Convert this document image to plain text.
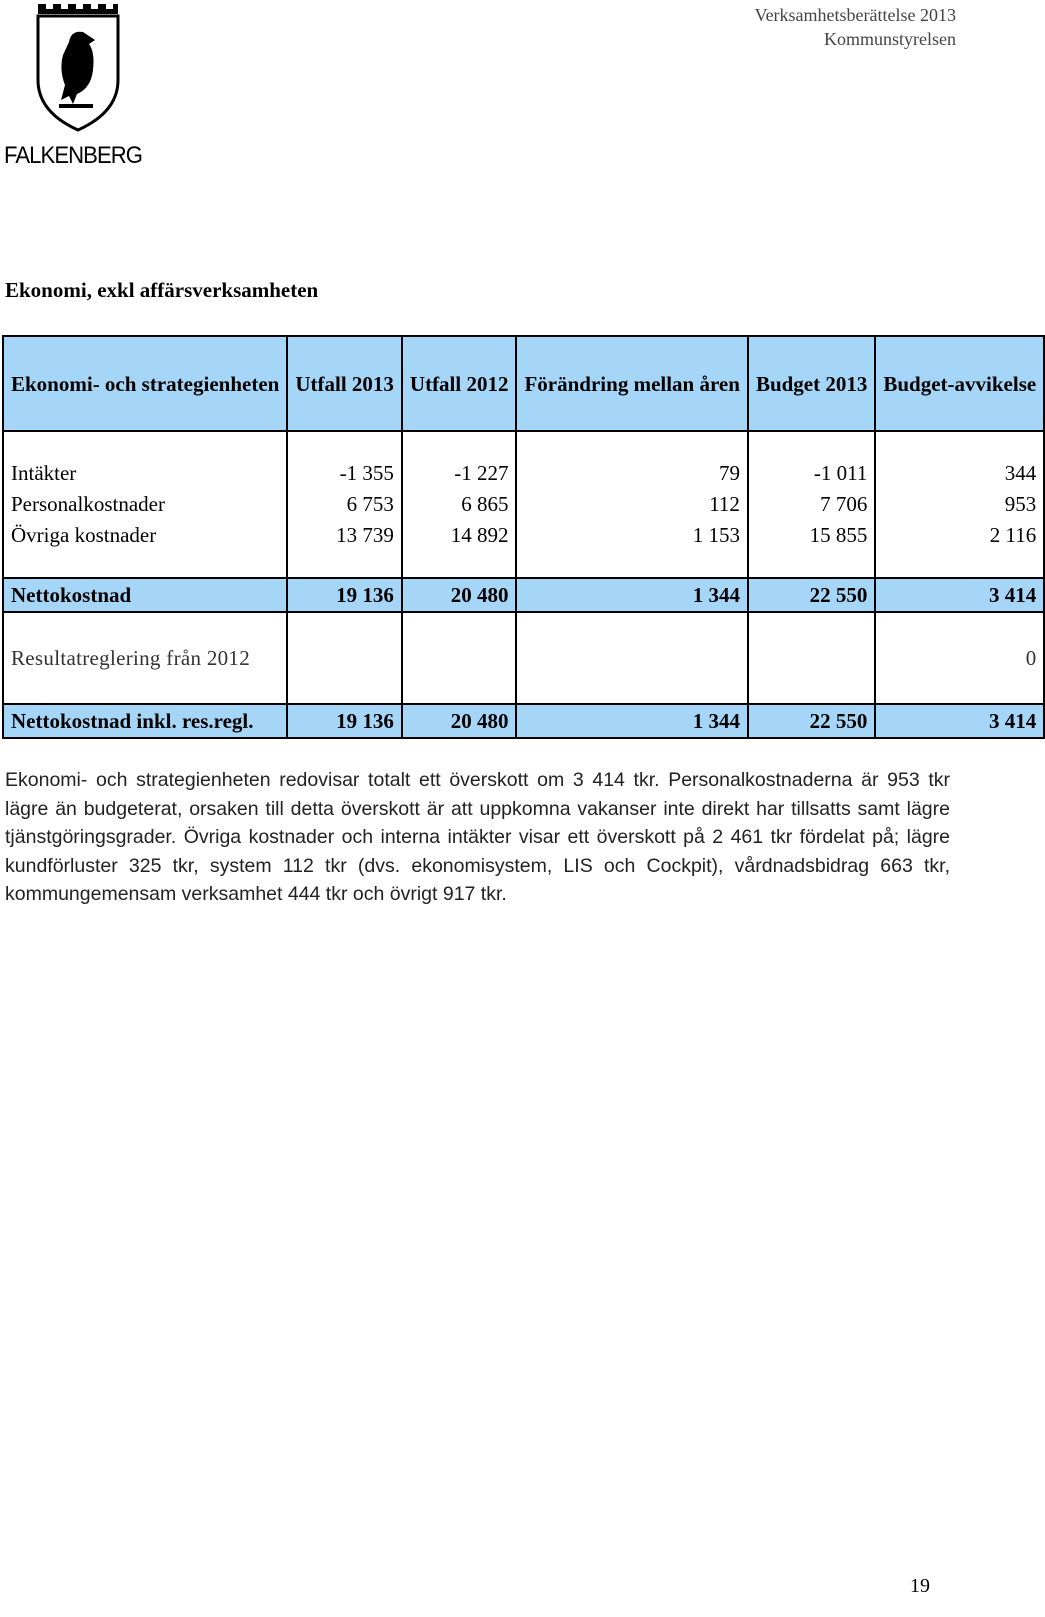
FALKENBERG
Verksamhetsberättelse 2013
Kommunstyrelsen
Ekonomi, exkl affärsverksamheten
Ekonomi- och strategienheten	Utfall 2013	Utfall 2012	Förändring mellan åren	Budget 2013	Budget-avvikelse

Intäkter	-1 355	-1 227	79	-1 011	344
Personalkostnader	6 753	6 865	112	7 706	953
Övriga kostnader	13 739	14 892	1 153	15 855	2 116

Nettokostnad	19 136	20 480	1 344	22 550	3 414
Resultatreglering från 2012					0
Nettokostnad inkl. res.regl.	19 136	20 480	1 344	22 550	3 414

Ekonomi- och strategienheten redovisar totalt ett överskott om 3 414 tkr. Personalkostnaderna är 953 tkr lägre än budgeterat, orsaken till detta överskott är att uppkomna vakanser inte direkt har tillsatts samt lägre tjänstgöringsgrader. Övriga kostnader och interna intäkter visar ett överskott på 2 461 tkr fördelat på; lägre kundförluster 325 tkr, system 112 tkr (dvs. ekonomisystem, LIS och Cockpit), vårdnadsbidrag 663 tkr, kommungemensam verksamhet 444 tkr och övrigt 917 tkr.

19
